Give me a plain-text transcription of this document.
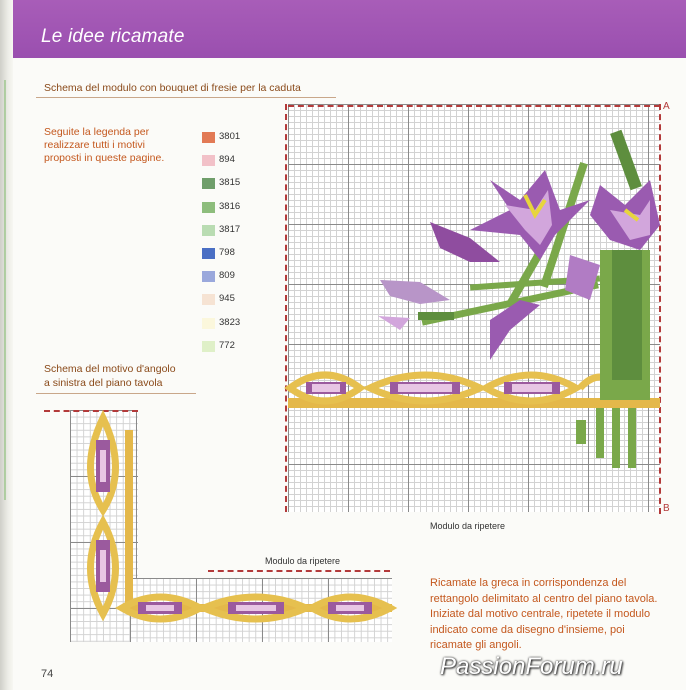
Le idee ricamate
Schema del modulo con bouquet di fresie per la caduta
Seguite la legenda per realizzare tutti i motivi proposti in queste pagine.
3801
894
3815
3816
3817
798
809
945
3823
772
Schema del motivo d'angolo
a sinistra del piano tavola
A
B
Modulo da ripetere
Modulo da ripetere
Ricamate la greca in corrispondenza del rettangolo delimitato al centro del piano tavola. Iniziate dal motivo centrale, ripetete il modulo indicato come da disegno d'insieme, poi ricamate gli angoli.
74	PassionForum.ru
